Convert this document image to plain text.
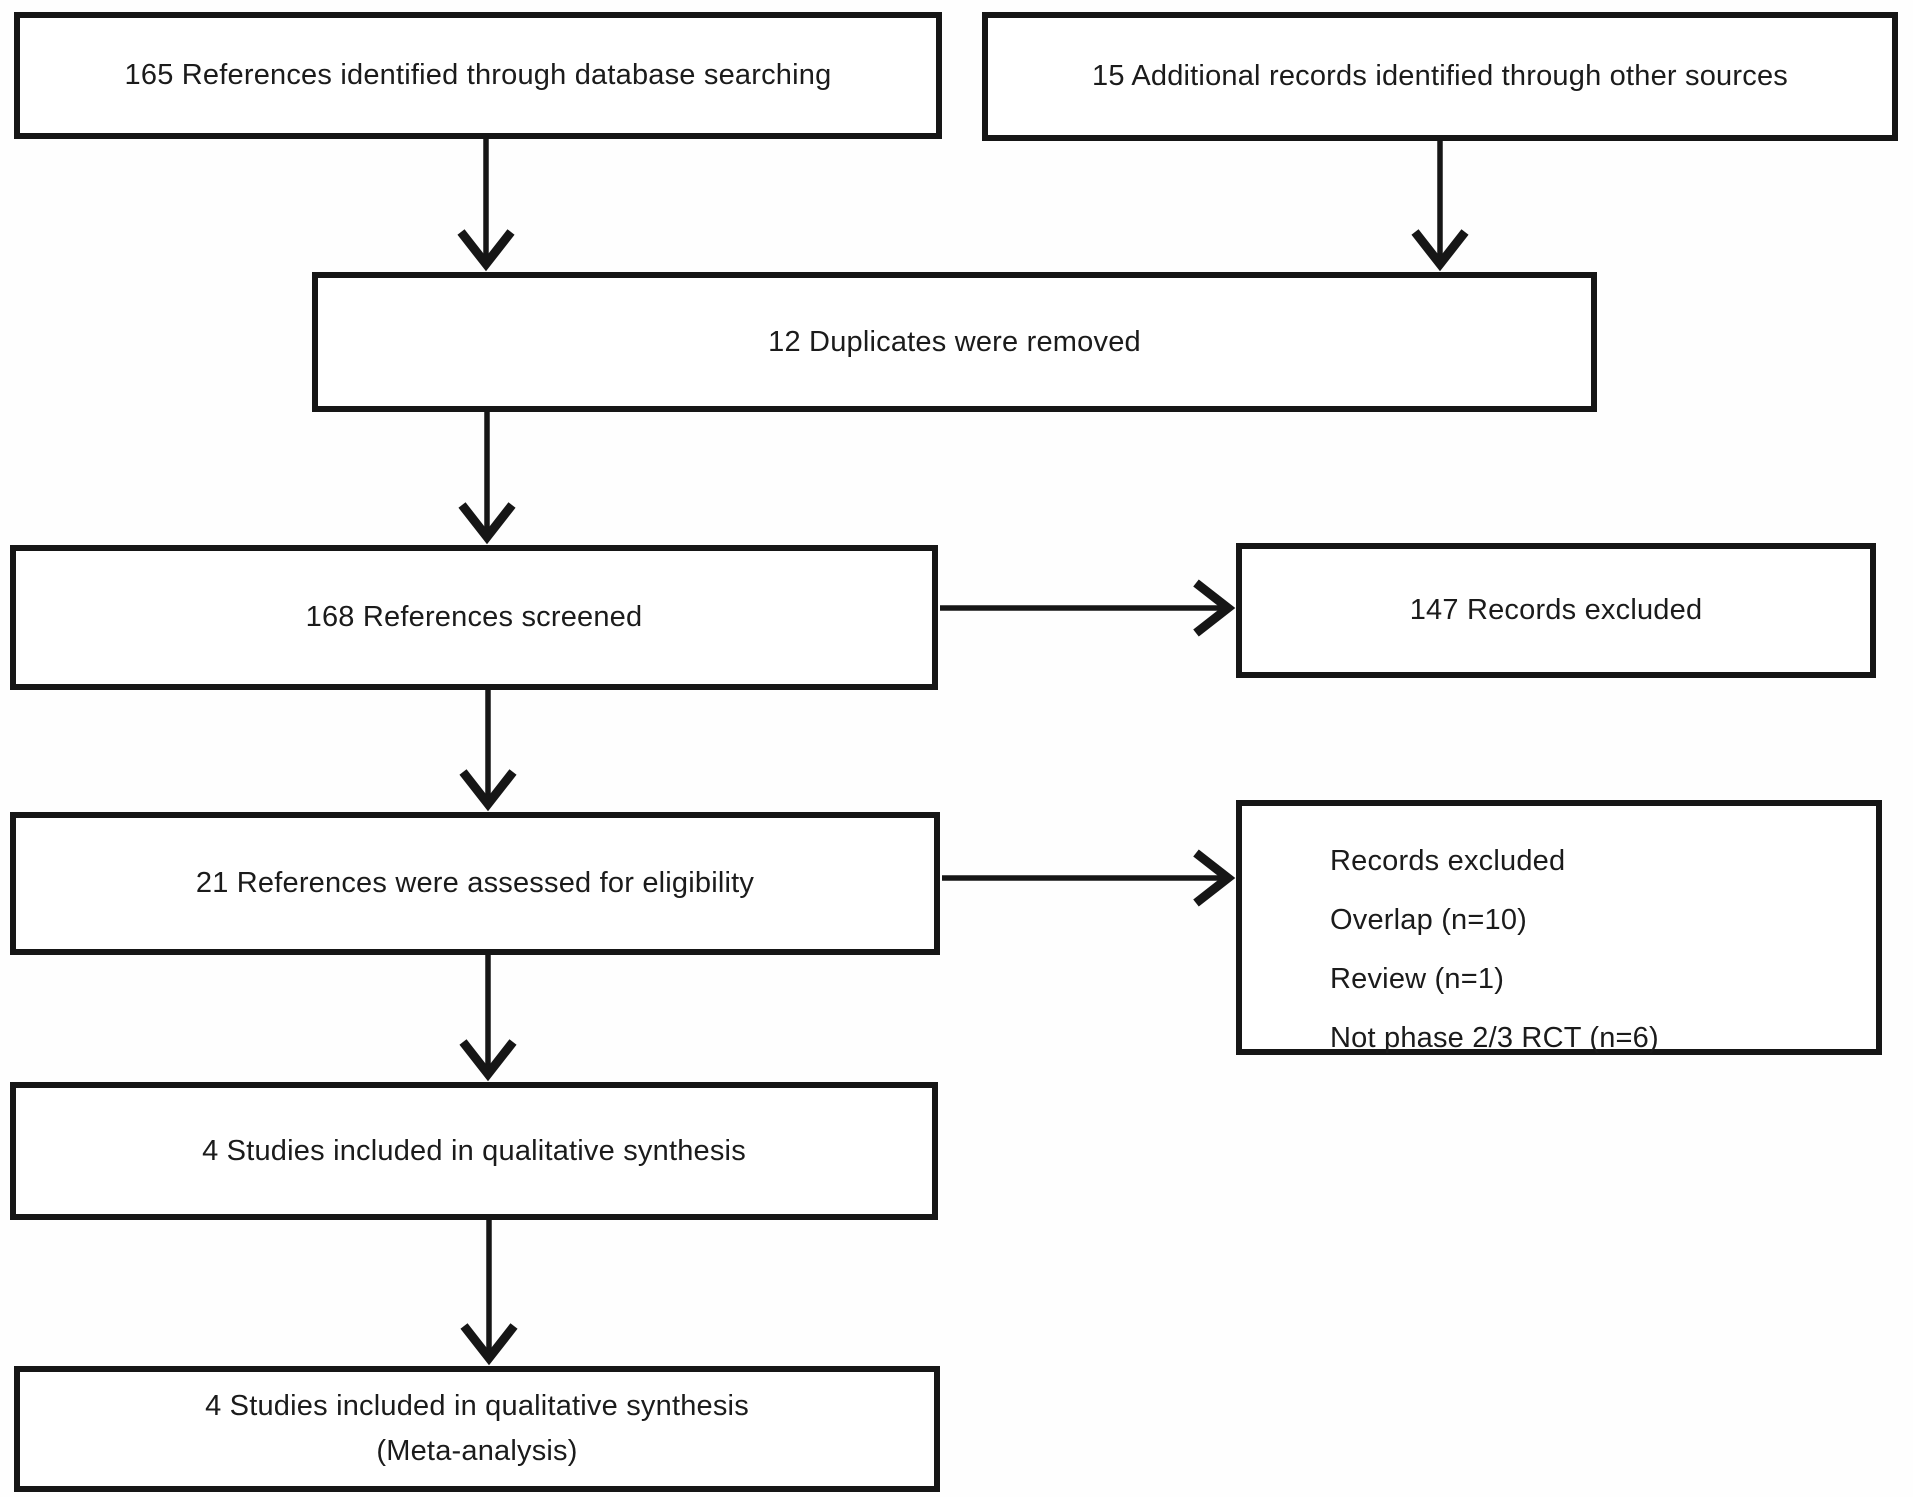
165 References identified through database searching	15 Additional records identified through other sources
12 Duplicates were removed
168 References screened	147 Records excluded
21 References were assessed for eligibility
Records excluded
Overlap (n=10)
Review (n=1)
Not phase 2/3 RCT (n=6)
4 Studies included in qualitative synthesis
4 Studies included in qualitative synthesis
(Meta-analysis)
